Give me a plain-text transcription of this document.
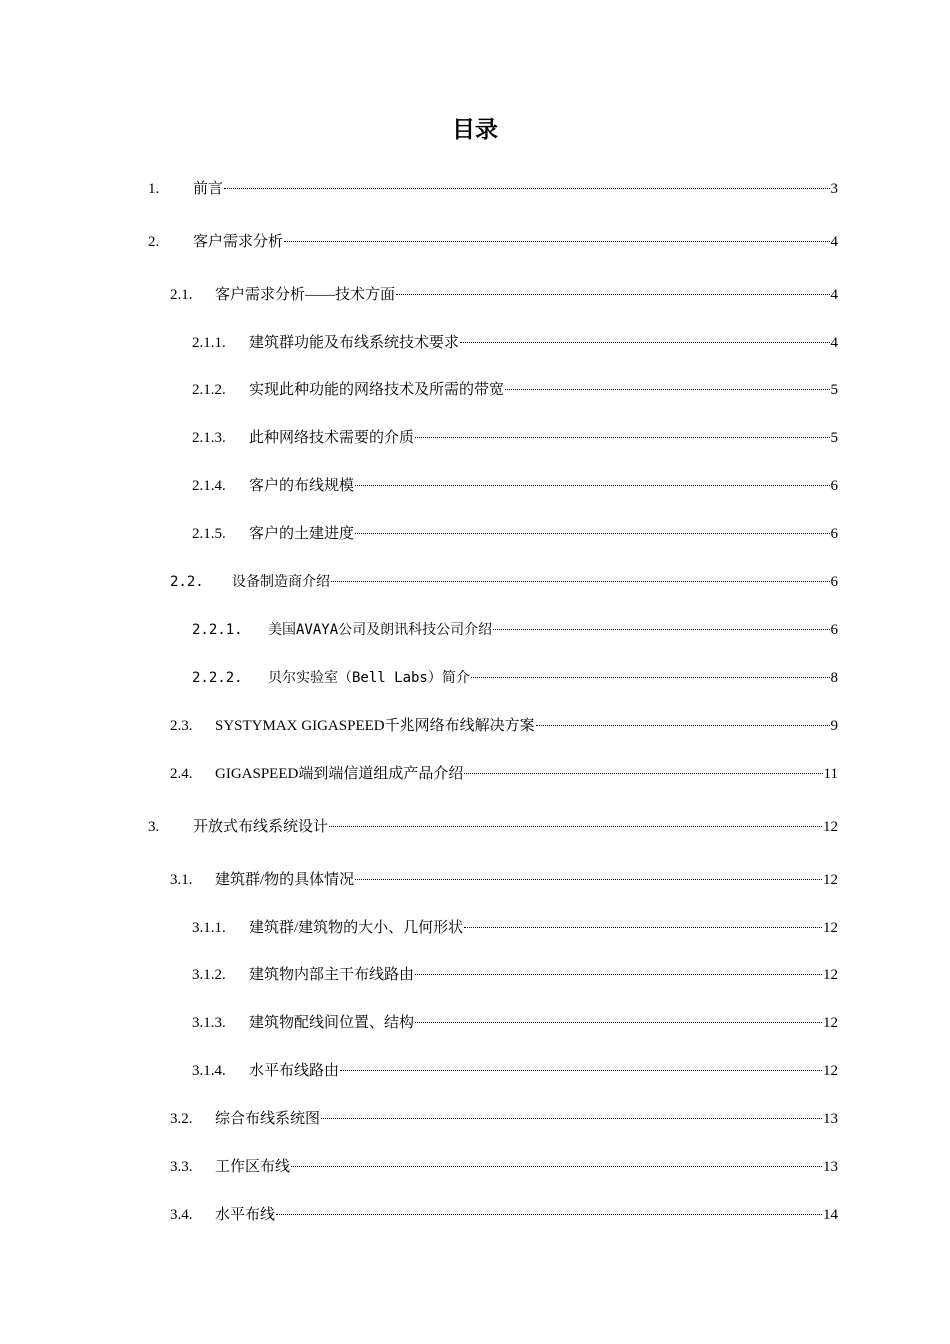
目录
1.	前言	3
2.	客户需求分析	4
2.1.	客户需求分析——技术方面	4
2.1.1.	建筑群功能及布线系统技术要求	4
2.1.2.	实现此种功能的网络技术及所需的带宽	5
2.1.3.	此种网络技术需要的介质	5
2.1.4.	客户的布线规模	6
2.1.5.	客户的土建进度	6
2.2.	设备制造商介绍	6
2.2.1.	美国AVAYA公司及朗讯科技公司介绍	6
2.2.2.	贝尔实验室（Bell Labs）简介	8
2.3.	SYSTYMAX GIGASPEED千兆网络布线解决方案	9
2.4.	GIGASPEED端到端信道组成产品介绍	11
3.	开放式布线系统设计	12
3.1.	建筑群/物的具体情况	12
3.1.1.	建筑群/建筑物的大小、几何形状	12
3.1.2.	建筑物内部主干布线路由	12
3.1.3.	建筑物配线间位置、结构	12
3.1.4.	水平布线路由	12
3.2.	综合布线系统图	13
3.3.	工作区布线	13
3.4.	水平布线	14
